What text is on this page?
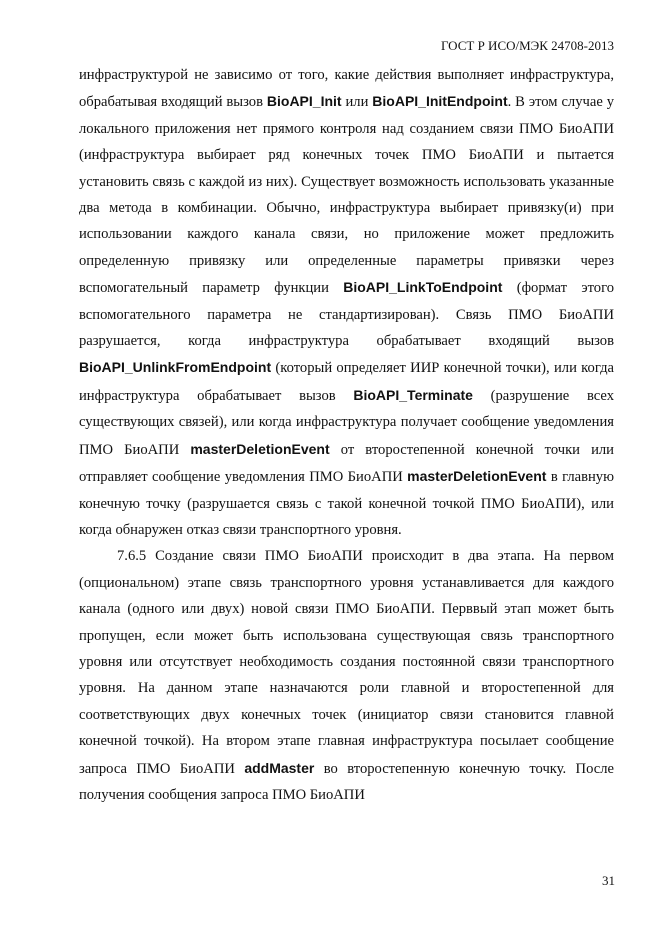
ГОСТ Р ИСО/МЭК 24708-2013

инфраструктурой не зависимо от того, какие действия выполняет инфраструктура, обрабатывая входящий вызов BioAPI_Init или BioAPI_InitEndpoint. В этом случае у локального приложения нет прямого контроля над созданием связи ПМО БиоАПИ (инфраструктура выбирает ряд конечных точек ПМО БиоАПИ и пытается установить связь с каждой из них). Существует возможность использовать указанные два метода в комбинации. Обычно, инфраструктура выбирает привязку(и) при использовании каждого канала связи, но приложение может предложить определенную привязку или определенные параметры привязки через вспомогательный параметр функции BioAPI_LinkToEndpoint (формат этого вспомогательного параметра не стандартизирован). Связь ПМО БиоАПИ разрушается, когда инфраструктура обрабатывает входящий вызов BioAPI_UnlinkFromEndpoint (который определяет ИИР конечной точки), или когда инфраструктура обрабатывает вызов BioAPI_Terminate (разрушение всех существующих связей), или когда инфраструктура получает сообщение уведомления ПМО БиоАПИ masterDeletionEvent от второстепенной конечной точки или отправляет сообщение уведомления ПМО БиоАПИ masterDeletionEvent в главную конечную точку (разрушается связь с такой конечной точкой ПМО БиоАПИ), или когда обнаружен отказ связи транспортного уровня.

7.6.5 Создание связи ПМО БиоАПИ происходит в два этапа. На первом (опциональном) этапе связь транспортного уровня устанавливается для каждого канала (одного или двух) новой связи ПМО БиоАПИ. Перввый этап может быть пропущен, если может быть использована существующая связь транспортного уровня или отсутствует необходимость создания постоянной связи транспортного уровня. На данном этапе назначаются роли главной и второстепенной для соответствующих двух конечных точек (инициатор связи становится главной конечной точкой). На втором этапе главная инфраструктура посылает сообщение запроса ПМО БиоАПИ addMaster во второстепенную конечную точку. После получения сообщения запроса ПМО БиоАПИ

31
